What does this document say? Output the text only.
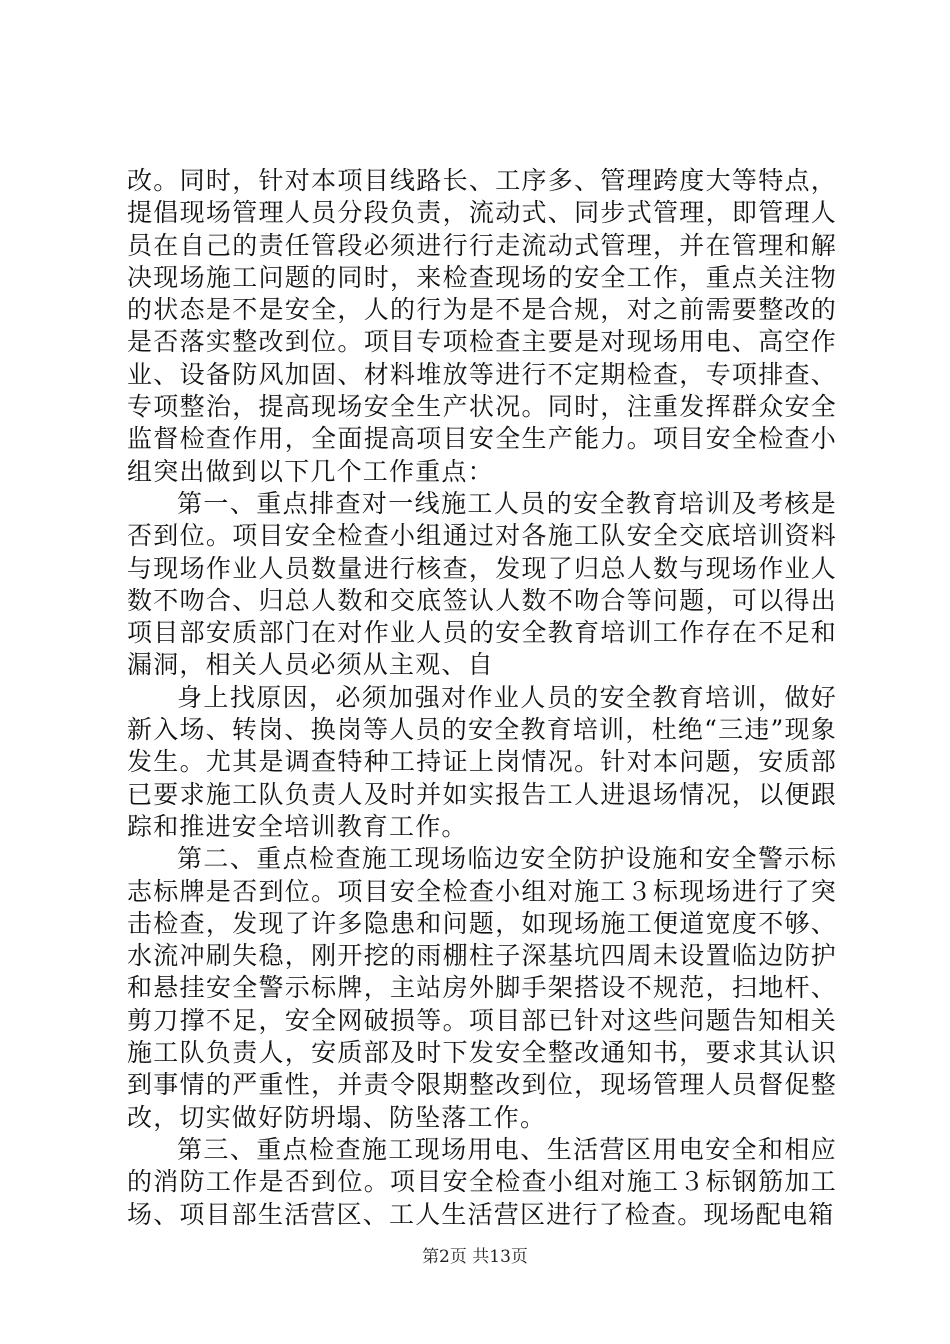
改。同时，针对本项目线路长、工序多、管理跨度大等特点，提倡现场管理人员分段负责，流动式、同步式管理，即管理人员在自己的责任管段必须进行行走流动式管理，并在管理和解决现场施工问题的同时，来检查现场的安全工作，重点关注物的状态是不是安全，人的行为是不是合规，对之前需要整改的是否落实整改到位。项目专项检查主要是对现场用电、高空作业、设备防风加固、材料堆放等进行不定期检查，专项排查、专项整治，提高现场安全生产状况。同时，注重发挥群众安全监督检查作用，全面提高项目安全生产能力。项目安全检查小组突出做到以下几个工作重点：

第一、重点排查对一线施工人员的安全教育培训及考核是否到位。项目安全检查小组通过对各施工队安全交底培训资料与现场作业人员数量进行核查，发现了归总人数与现场作业人数不吻合、归总人数和交底签认人数不吻合等问题，可以得出项目部安质部门在对作业人员的安全教育培训工作存在不足和漏洞，相关人员必须从主观、自

身上找原因，必须加强对作业人员的安全教育培训，做好新入场、转岗、换岗等人员的安全教育培训，杜绝“三违”现象发生。尤其是调查特种工持证上岗情况。针对本问题，安质部已要求施工队负责人及时并如实报告工人进退场情况，以便跟踪和推进安全培训教育工作。

第二、重点检查施工现场临边安全防护设施和安全警示标志标牌是否到位。项目安全检查小组对施工３标现场进行了突击检查，发现了许多隐患和问题，如现场施工便道宽度不够、水流冲刷失稳，刚开挖的雨棚柱子深基坑四周未设置临边防护和悬挂安全警示标牌，主站房外脚手架搭设不规范，扫地杆、剪刀撑不足，安全网破损等。项目部已针对这些问题告知相关施工队负责人，安质部及时下发安全整改通知书，要求其认识到事情的严重性，并责令限期整改到位，现场管理人员督促整改，切实做好防坍塌、防坠落工作。

第三、重点检查施工现场用电、生活营区用电安全和相应的消防工作是否到位。项目安全检查小组对施工３标钢筋加工场、项目部生活营区、工人生活营区进行了检查。现场配电箱

第2页 共13页
